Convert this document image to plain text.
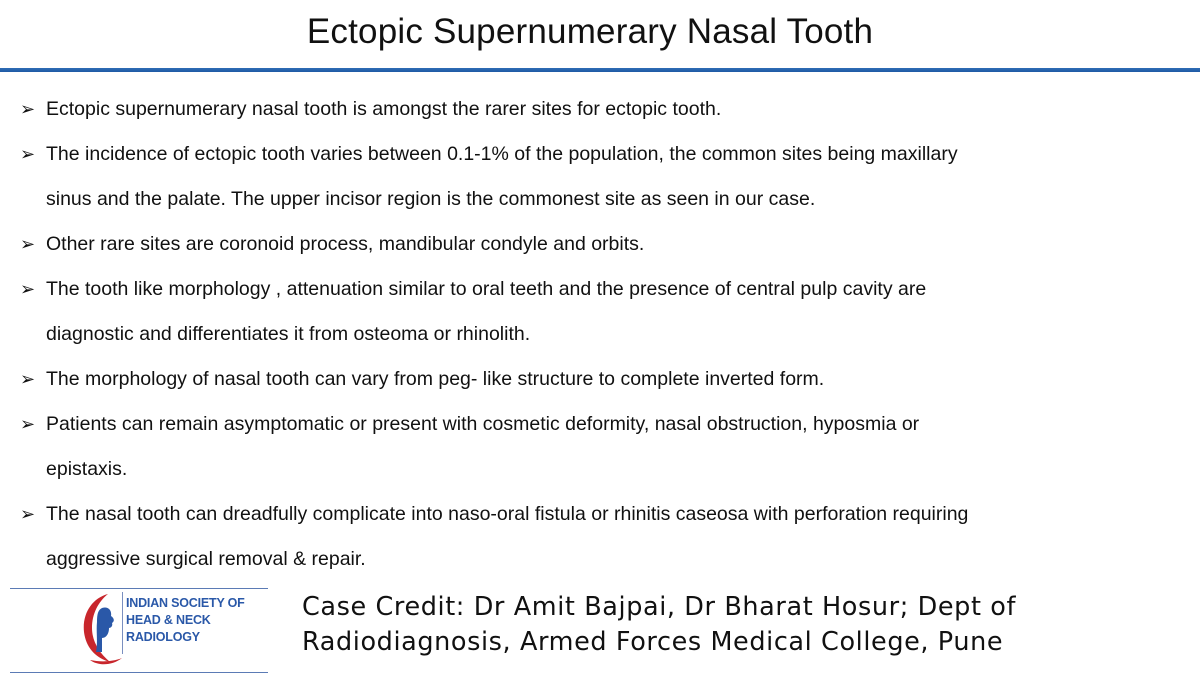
Ectopic Supernumerary Nasal Tooth
➢ Ectopic supernumerary nasal tooth is amongst the rarer sites for ectopic tooth.
➢ The incidence of ectopic tooth varies between 0.1-1% of the population, the common sites being maxillary
sinus and the palate. The upper incisor region is the commonest site as seen in our case.
➢ Other rare sites are coronoid process, mandibular condyle and orbits.
➢ The tooth like morphology , attenuation similar to oral teeth and the presence of central pulp cavity are
diagnostic and differentiates it from osteoma or rhinolith.
➢ The morphology of nasal tooth can vary from peg- like structure to complete inverted form.
➢ Patients can remain asymptomatic or present with cosmetic deformity, nasal obstruction, hyposmia or
epistaxis.
➢ The nasal tooth can dreadfully complicate into naso-oral fistula or rhinitis caseosa with perforation requiring
aggressive surgical removal & repair.
INDIAN SOCIETY OF
HEAD & NECK
RADIOLOGY
Case Credit: Dr Amit Bajpai, Dr Bharat Hosur; Dept of
Radiodiagnosis, Armed Forces Medical College, Pune
